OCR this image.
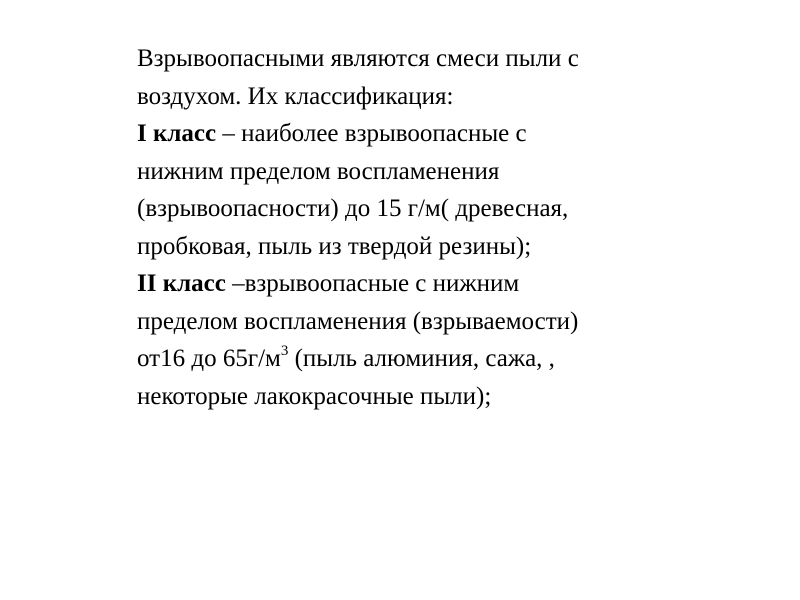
Взрывоопасными являются смеси пыли с
воздухом. Их классификация:
I класс – наиболее взрывоопасные с
нижним пределом воспламенения
(взрывоопасности) до 15 г/м( древесная,
пробковая, пыль из твердой резины);
II класс –взрывоопасные с нижним
пределом воспламенения (взрываемости)
от16 до $65г/м^3$ (пыль алюминия, сажа, ,
некоторые лакокрасочные пыли);
